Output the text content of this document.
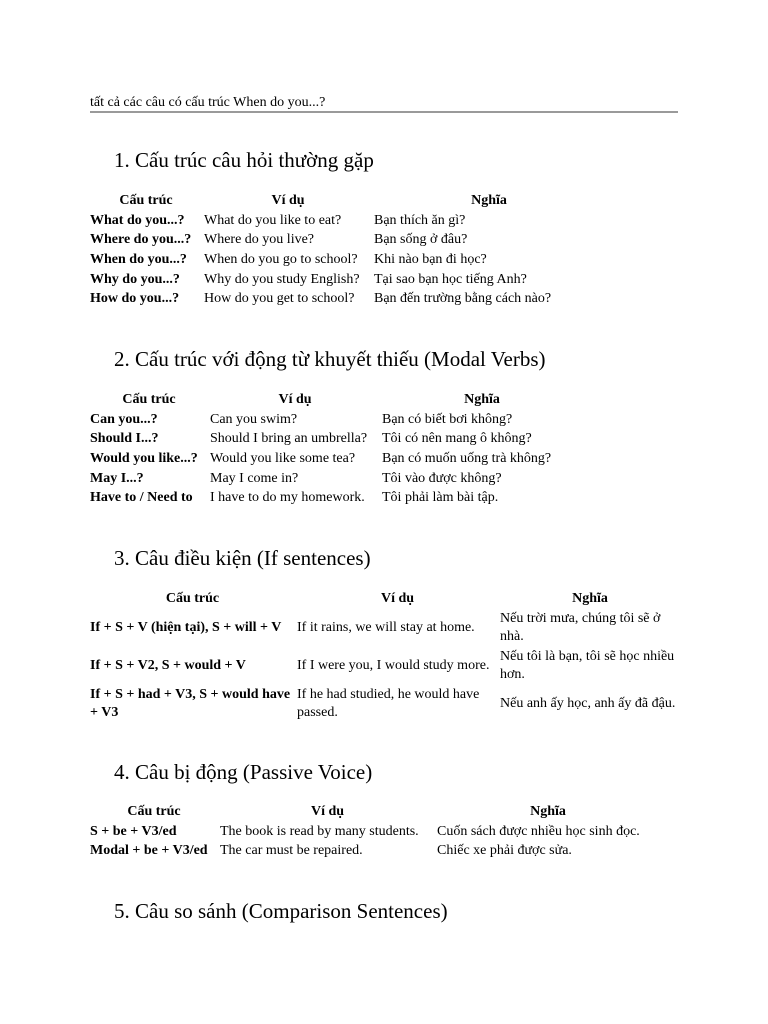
tất cả các câu có cấu trúc When do you...?
1. Cấu trúc câu hỏi thường gặp
Cấu trúc	Ví dụ	Nghĩa
What do you...?	What do you like to eat?	Bạn thích ăn gì?
Where do you...?	Where do you live?	Bạn sống ở đâu?
When do you...?	When do you go to school?	Khi nào bạn đi học?
Why do you...?	Why do you study English?	Tại sao bạn học tiếng Anh?
How do you...?	How do you get to school?	Bạn đến trường bằng cách nào?
2. Cấu trúc với động từ khuyết thiếu (Modal Verbs)
Cấu trúc	Ví dụ	Nghĩa
Can you...?	Can you swim?	Bạn có biết bơi không?
Should I...?	Should I bring an umbrella?	Tôi có nên mang ô không?
Would you like...?	Would you like some tea?	Bạn có muốn uống trà không?
May I...?	May I come in?	Tôi vào được không?
Have to / Need to	I have to do my homework.	Tôi phải làm bài tập.
3. Câu điều kiện (If sentences)
Cấu trúc	Ví dụ	Nghĩa
If + S + V (hiện tại), S + will + V	If it rains, we will stay at home.	Nếu trời mưa, chúng tôi sẽ ở nhà.
If + S + V2, S + would + V	If I were you, I would study more.	Nếu tôi là bạn, tôi sẽ học nhiều hơn.
If + S + had + V3, S + would have + V3	If he had studied, he would have passed.	Nếu anh ấy học, anh ấy đã đậu.
4. Câu bị động (Passive Voice)
Cấu trúc	Ví dụ	Nghĩa
S + be + V3/ed	The book is read by many students.	Cuốn sách được nhiều học sinh đọc.
Modal + be + V3/ed	The car must be repaired.	Chiếc xe phải được sửa.
5. Câu so sánh (Comparison Sentences)
